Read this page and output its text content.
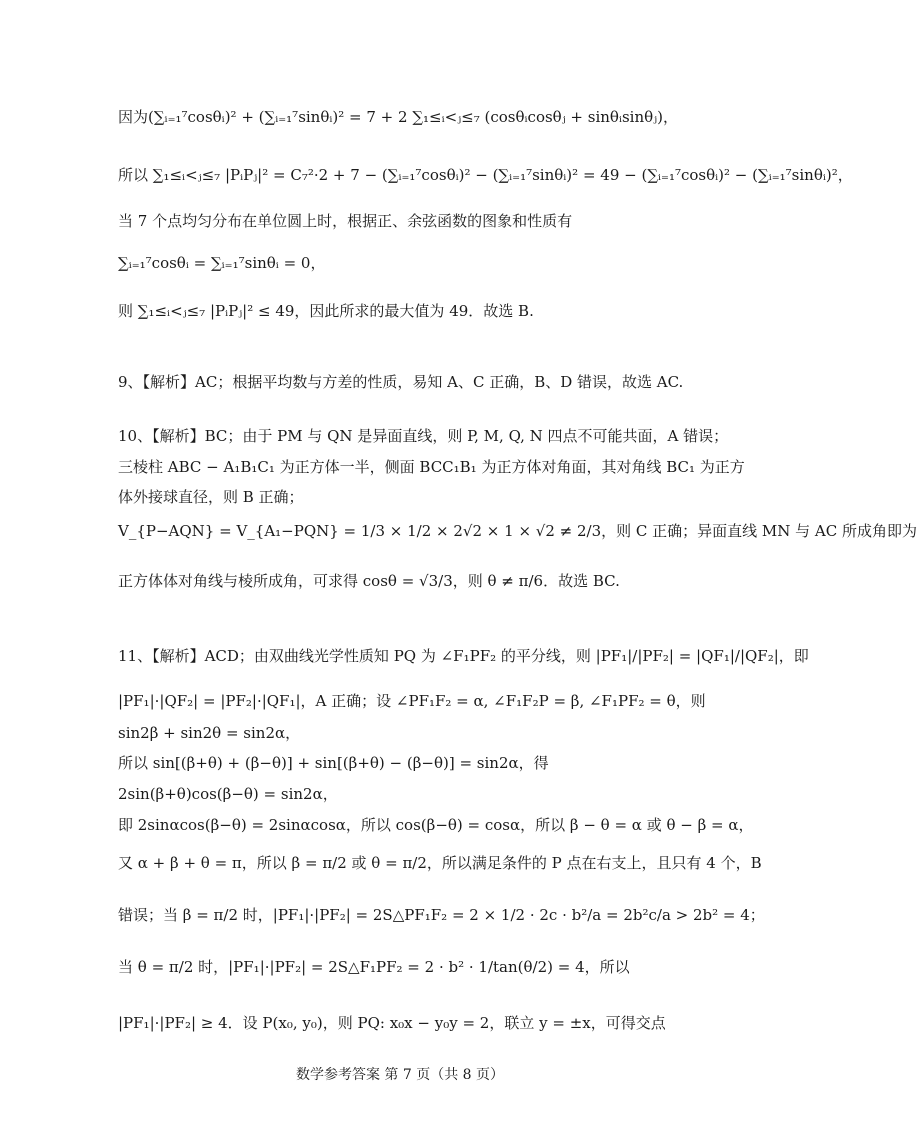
因为(∑ᵢ₌₁⁷cosθᵢ)² + (∑ᵢ₌₁⁷sinθᵢ)² = 7 + 2 ∑₁≤ᵢ<ⱼ≤₇ (cosθᵢcosθⱼ + sinθᵢsinθⱼ)，
所以 ∑₁≤ᵢ<ⱼ≤₇ |PᵢPⱼ|² = C₇²·2 + 7 − (∑ᵢ₌₁⁷cosθᵢ)² − (∑ᵢ₌₁⁷sinθᵢ)² = 49 − (∑ᵢ₌₁⁷cosθᵢ)² − (∑ᵢ₌₁⁷sinθᵢ)²，
当 7 个点均匀分布在单位圆上时，根据正、余弦函数的图象和性质有
∑ᵢ₌₁⁷cosθᵢ = ∑ᵢ₌₁⁷sinθᵢ = 0，
则 ∑₁≤ᵢ<ⱼ≤₇ |PᵢPⱼ|² ≤ 49，因此所求的最大值为 49．故选 B.
9、【解析】AC；根据平均数与方差的性质，易知 A、C 正确，B、D 错误，故选 AC.
10、【解析】BC；由于 PM 与 QN 是异面直线，则 P, M, Q, N 四点不可能共面，A 错误；
三棱柱 ABC − A₁B₁C₁ 为正方体一半，侧面 BCC₁B₁ 为正方体对角面，其对角线 BC₁ 为正方
体外接球直径，则 B 正确；
V_{P−AQN} = V_{A₁−PQN} = 1/3 × 1/2 × 2√2 × 1 × √2 ≠ 2/3，则 C 正确；异面直线 MN 与 AC 所成角即为
正方体体对角线与棱所成角，可求得 cosθ = √3/3，则 θ ≠ π/6．故选 BC.
11、【解析】ACD；由双曲线光学性质知 PQ 为 ∠F₁PF₂ 的平分线，则 |PF₁|/|PF₂| = |QF₁|/|QF₂|，即
|PF₁|·|QF₂| = |PF₂|·|QF₁|，A 正确；设 ∠PF₁F₂ = α, ∠F₁F₂P = β, ∠F₁PF₂ = θ，则
sin2β + sin2θ = sin2α，
所以 sin[(β+θ) + (β−θ)] + sin[(β+θ) − (β−θ)] = sin2α，得
2sin(β+θ)cos(β−θ) = sin2α，
即 2sinαcos(β−θ) = 2sinαcosα，所以 cos(β−θ) = cosα，所以 β − θ = α 或 θ − β = α，
又 α + β + θ = π，所以 β = π/2 或 θ = π/2，所以满足条件的 P 点在右支上，且只有 4 个，B
错误；当 β = π/2 时，|PF₁|·|PF₂| = 2S△PF₁F₂ = 2 × 1/2 · 2c · b²/a = 2b²c/a > 2b² = 4；
当 θ = π/2 时，|PF₁|·|PF₂| = 2S△F₁PF₂ = 2 · b² · 1/tan(θ/2) = 4，所以
|PF₁|·|PF₂| ≥ 4．设 P(x₀, y₀)，则 PQ: x₀x − y₀y = 2，联立 y = ±x，可得交点
数学参考答案 第 7 页（共 8 页）
